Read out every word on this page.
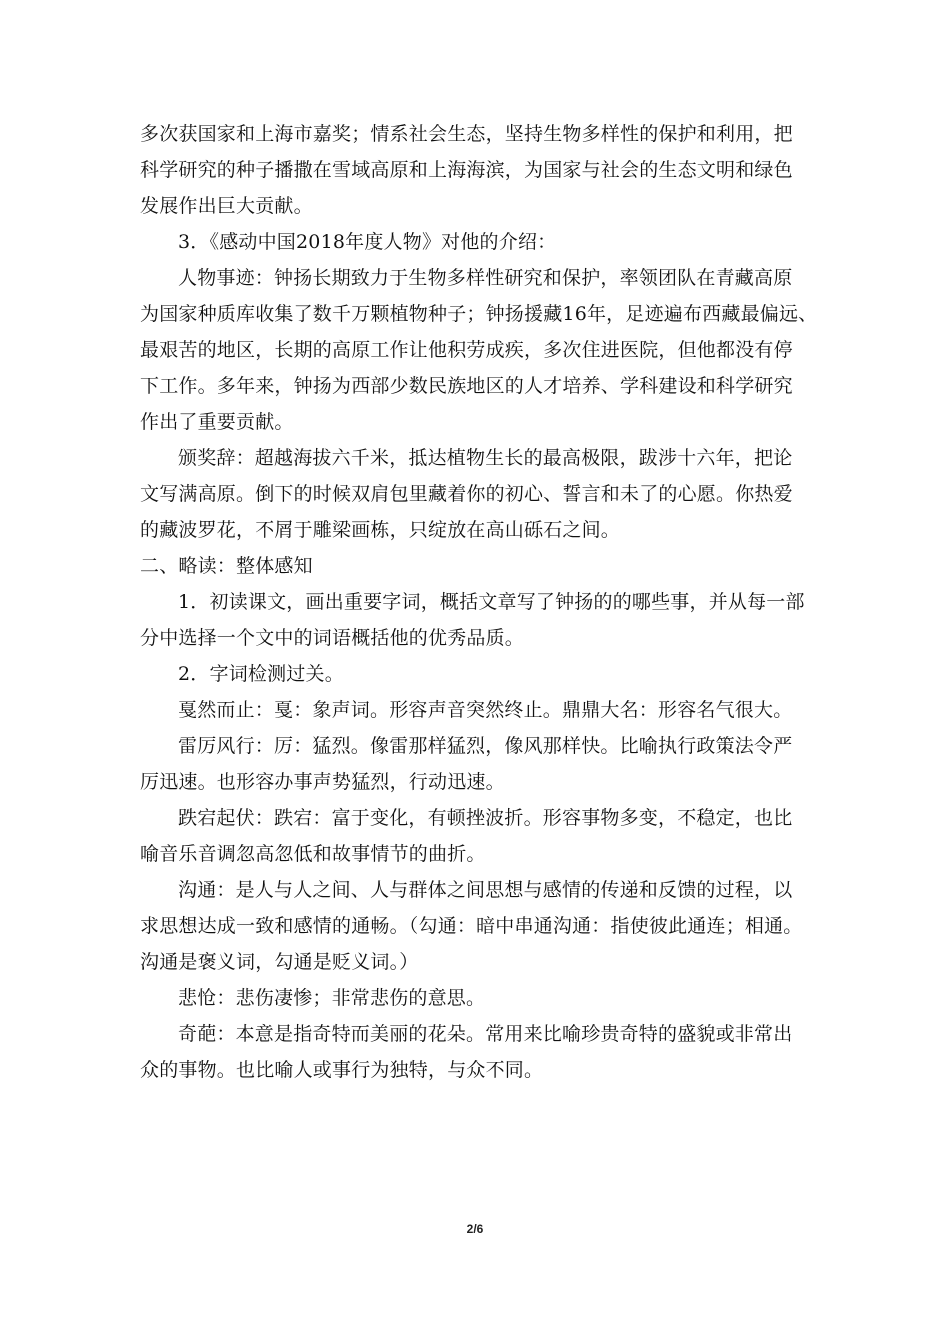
多次获国家和上海市嘉奖；情系社会生态，坚持生物多样性的保护和利用，把
科学研究的种子播撒在雪域高原和上海海滨，为国家与社会的生态文明和绿色
发展作出巨大贡献。
3．《感动中国2018年度人物》对他的介绍：
人物事迹：钟扬长期致力于生物多样性研究和保护，率领团队在青藏高原
为国家种质库收集了数千万颗植物种子；钟扬援藏16年，足迹遍布西藏最偏远、
最艰苦的地区，长期的高原工作让他积劳成疾，多次住进医院，但他都没有停
下工作。多年来，钟扬为西部少数民族地区的人才培养、学科建设和科学研究
作出了重要贡献。
颁奖辞：超越海拔六千米，抵达植物生长的最高极限，跋涉十六年，把论
文写满高原。倒下的时候双肩包里藏着你的初心、誓言和未了的心愿。你热爱
的藏波罗花，不屑于雕梁画栋，只绽放在高山砾石之间。
二、略读：整体感知
1．初读课文，画出重要字词，概括文章写了钟扬的的哪些事，并从每一部
分中选择一个文中的词语概括他的优秀品质。
2．字词检测过关。
戛然而止：戛：象声词。形容声音突然终止。鼎鼎大名：形容名气很大。
雷厉风行：厉：猛烈。像雷那样猛烈，像风那样快。比喻执行政策法令严
厉迅速。也形容办事声势猛烈，行动迅速。
跌宕起伏：跌宕：富于变化，有顿挫波折。形容事物多变，不稳定，也比
喻音乐音调忽高忽低和故事情节的曲折。
沟通：是人与人之间、人与群体之间思想与感情的传递和反馈的过程，以
求思想达成一致和感情的通畅。（勾通：暗中串通沟通：指使彼此通连；相通。
沟通是褒义词，勾通是贬义词。）
悲怆：悲伤凄惨；非常悲伤的意思。
奇葩：本意是指奇特而美丽的花朵。常用来比喻珍贵奇特的盛貌或非常出
众的事物。也比喻人或事行为独特，与众不同。
2/6
